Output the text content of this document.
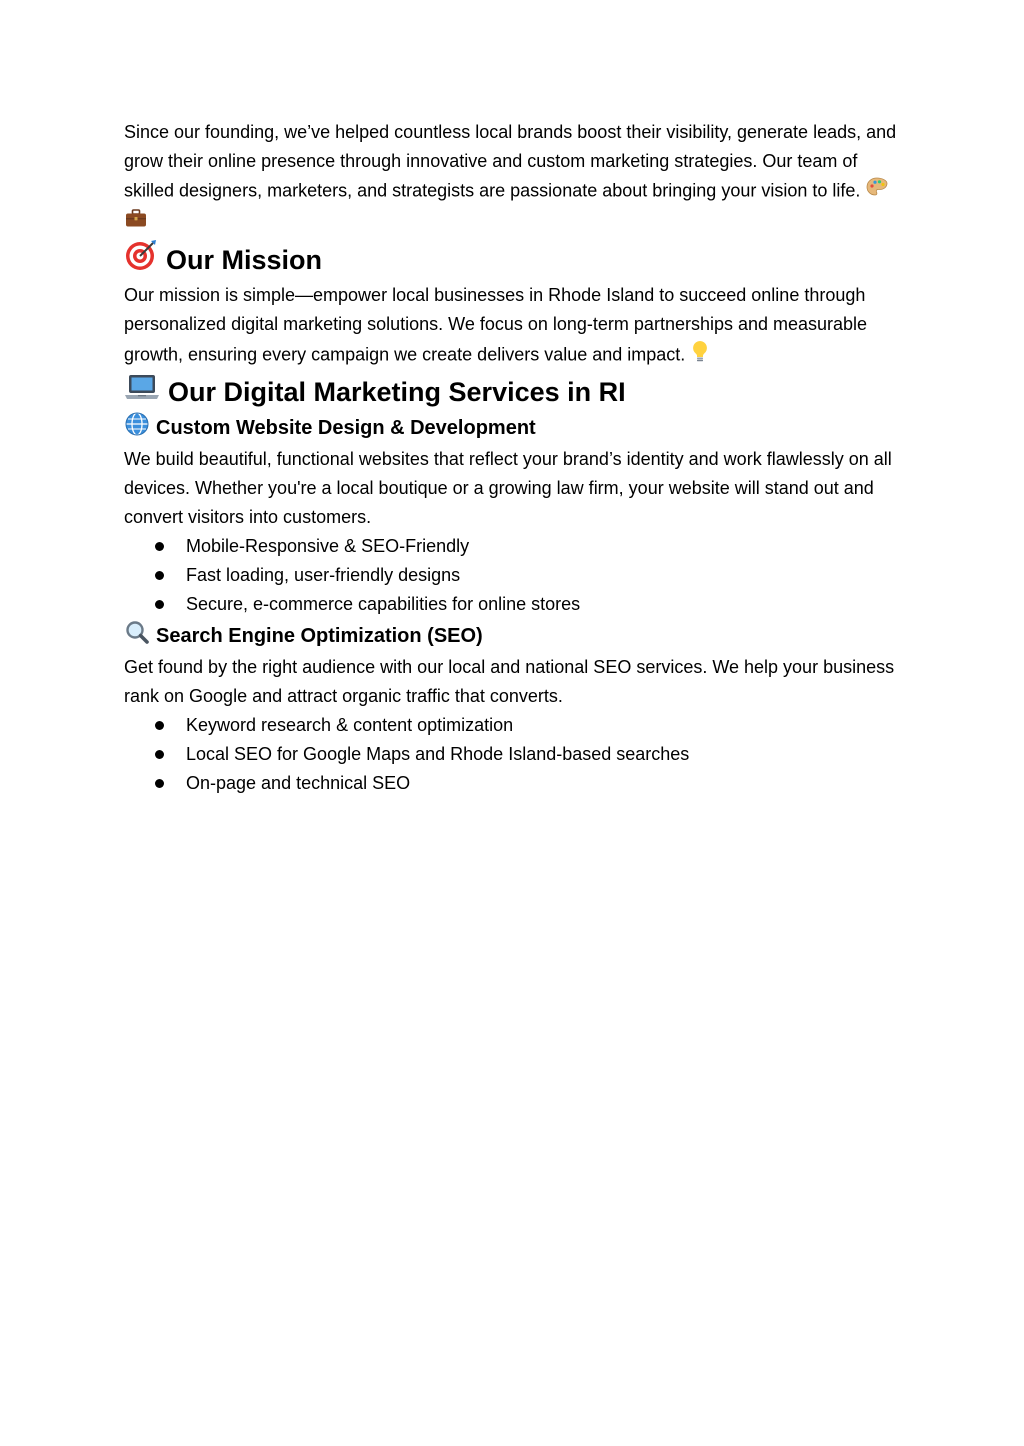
Since our founding, we’ve helped countless local brands boost their visibility, generate leads, and grow their online presence through innovative and custom marketing strategies. Our team of skilled designers, marketers, and strategists are passionate about bringing your vision to life.

Our Mission

Our mission is simple—empower local businesses in Rhode Island to succeed online through personalized digital marketing solutions. We focus on long-term partnerships and measurable growth, ensuring every campaign we create delivers value and impact.

Our Digital Marketing Services in RI
Custom Website Design & Development

We build beautiful, functional websites that reflect your brand’s identity and work flawlessly on all devices. Whether you're a local boutique or a growing law firm, your website will stand out and convert visitors into customers.

Mobile-Responsive & SEO-Friendly
Fast loading, user-friendly designs
Secure, e-commerce capabilities for online stores
Search Engine Optimization (SEO)

Get found by the right audience with our local and national SEO services. We help your business rank on Google and attract organic traffic that converts.

Keyword research & content optimization
Local SEO for Google Maps and Rhode Island-based searches
On-page and technical SEO
